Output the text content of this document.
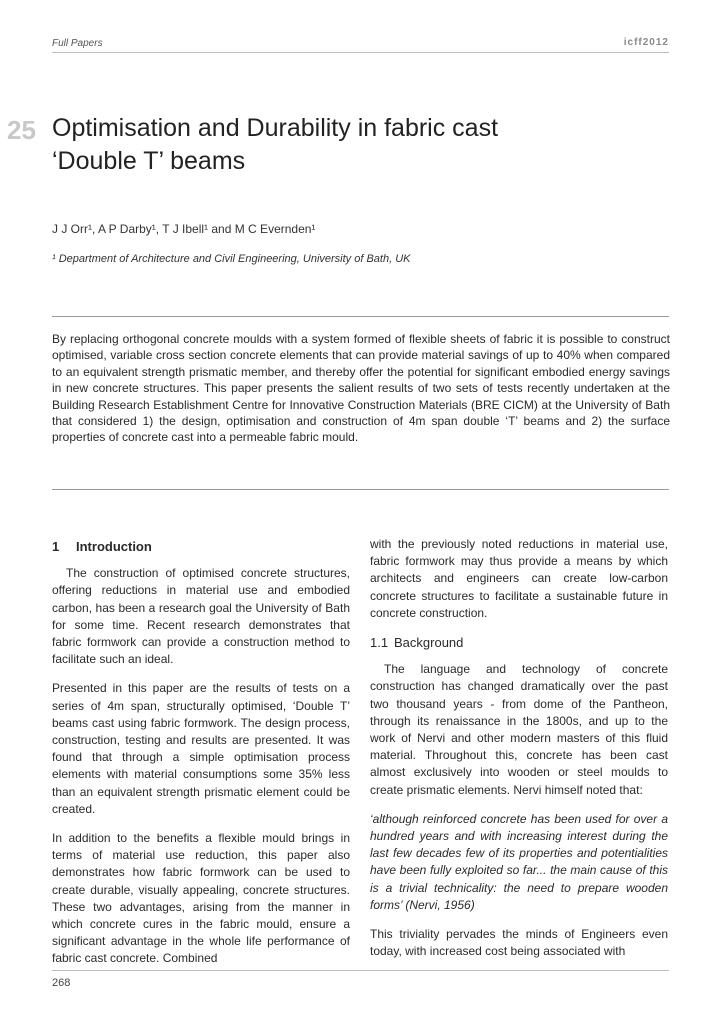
Full Papers	icff2012
25 Optimisation and Durability in fabric cast
‘Double T’ beams
J J Orr¹, A P Darby¹, T J Ibell¹ and M C Evernden¹
¹ Department of Architecture and Civil Engineering, University of Bath, UK

By replacing orthogonal concrete moulds with a system formed of flexible sheets of fabric it is possible to construct optimised, variable cross section concrete elements that can provide material savings of up to 40% when compared to an equivalent strength prismatic member, and thereby offer the potential for significant embodied energy savings in new concrete structures. This paper presents the salient results of two sets of tests recently undertaken at the Building Research Establishment Centre for Innovative Construction Materials (BRE CICM) at the University of Bath that considered 1) the design, optimisation and construction of 4m span double ‘T’ beams and 2) the surface properties of concrete cast into a permeable fabric mould.

1 Introduction

The construction of optimised concrete structures, offering reductions in material use and embodied carbon, has been a research goal the University of Bath for some time. Recent research demonstrates that fabric formwork can provide a construction method to facilitate such an ideal.

Presented in this paper are the results of tests on a series of 4m span, structurally optimised, ‘Double T’ beams cast using fabric formwork. The design process, construction, testing and results are presented. It was found that through a simple optimisation process elements with material consumptions some 35% less than an equivalent strength prismatic element could be created.

In addition to the benefits a flexible mould brings in terms of material use reduction, this paper also demonstrates how fabric formwork can be used to create durable, visually appealing, concrete structures. These two advantages, arising from the manner in which concrete cures in the fabric mould, ensure a significant advantage in the whole life performance of fabric cast concrete. Combined

with the previously noted reductions in material use, fabric formwork may thus provide a means by which architects and engineers can create low-carbon concrete structures to facilitate a sustainable future in concrete construction.

1.1 Background

The language and technology of concrete construction has changed dramatically over the past two thousand years - from dome of the Pantheon, through its renaissance in the 1800s, and up to the work of Nervi and other modern masters of this fluid material. Throughout this, concrete has been cast almost exclusively into wooden or steel moulds to create prismatic elements. Nervi himself noted that:

‘although reinforced concrete has been used for over a hundred years and with increasing interest during the last few decades few of its properties and potentialities have been fully exploited so far... the main cause of this is a trivial technicality: the need to prepare wooden forms’ (Nervi, 1956)

This triviality pervades the minds of Engineers even today, with increased cost being associated with

268
